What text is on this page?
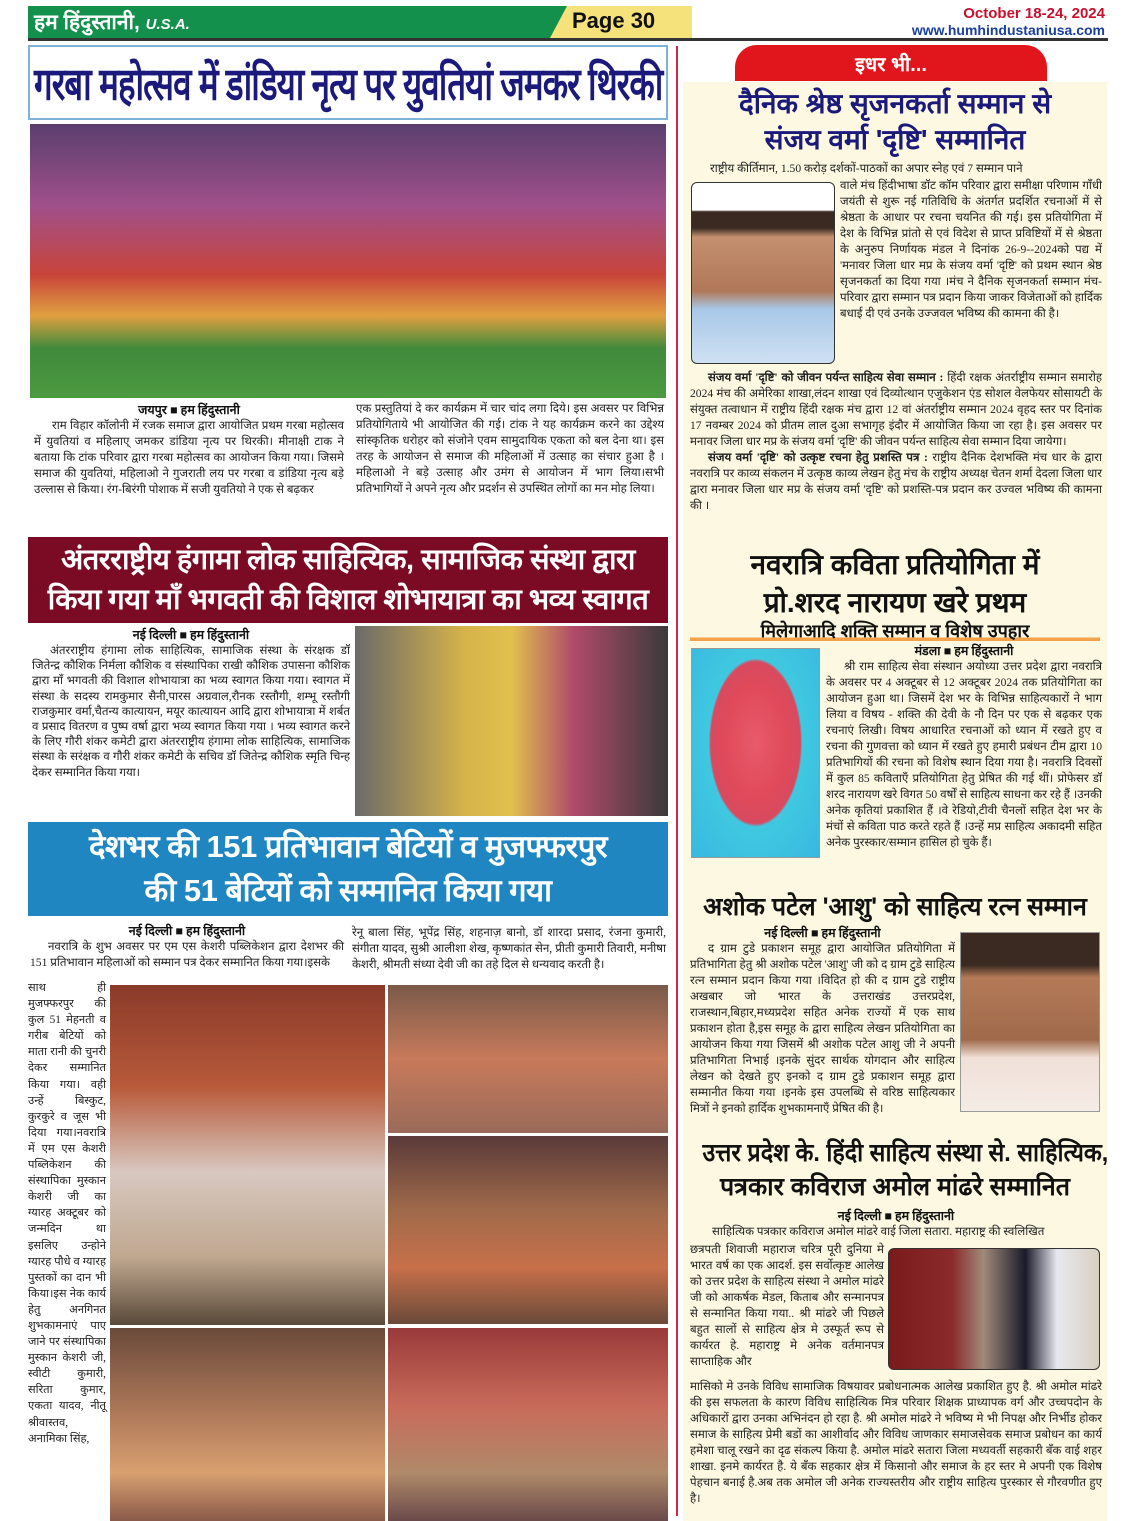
हम हिंदुस्तानी, U.S.A.	Page 30	October 18-24, 2024
www.humhindustaniusa.com
गरबा महोत्सव में डांडिया नृत्य पर युवतियां जमकर थिरकी
जयपुर ■ हम हिंदुस्तानी

राम विहार कॉलोनी में रजक समाज द्वारा आयोजित प्रथम गरबा महोत्सव में युवतियां व महिलाए् जमकर डांडिया नृत्य पर थिरकी। मीनाक्षी टाक ने बताया कि टांक परिवार द्वारा गरबा महोत्सव का आयोजन किया गया। जिसमे समाज की युवतियां, महिलाओ ने गुजराती लय पर गरबा व डांडिया नृत्य बड़े उल्लास से किया। रंग-बिरंगी पोशाक में सजी युवतियो ने एक से बढ़कर

एक प्रस्तुतियां दे कर कार्यक्रम में चार चांद लगा दिये। इस अवसर पर विभिन्न प्रतियोगिताये भी आयोजित की गई। टांक ने यह कार्यक्रम करने का उद्देश्य सांस्कृतिक धरोहर को संजोने एवम सामुदायिक एकता को बल देना था। इस तरह के आयोजन से समाज की महिलाओं में उत्साह का संचार हुआ है । महिलाओ ने बड़े उत्साह और उमंग से आयोजन में भाग लिया।सभी प्रतिभागियों ने अपने नृत्य और प्रदर्शन से उपस्थित लोगों का मन मोह लिया।
अंतरराष्ट्रीय हंगामा लोक साहित्यिक, सामाजिक संस्था द्वारा
किया गया माँ भगवती की विशाल शोभायात्रा का भव्य स्वागत
नई दिल्ली ■ हम हिंदुस्तानी

अंतरराष्ट्रीय हंगामा लोक साहित्यिक, सामाजिक संस्था के संरक्षक डॉ जितेन्द्र कौशिक निर्मला कौशिक व संस्थापिका राखी कौशिक उपासना कौशिक द्वारा माँ भगवती की विशाल शोभायात्रा का भव्य स्वागत किया गया। स्वागत में संस्था के सदस्य रामकुमार सैनी,पारस अग्रवाल,रौनक रस्तौगी, शम्भू रस्तौगी राजकुमार वर्मा,चैतन्य कात्यायन, मयूर कात्यायन आदि द्वारा शोभायात्रा में शर्बत व प्रसाद वितरण व पुष्प वर्षा द्वारा भव्य स्वागत किया गया । भव्य स्वागत करने के लिए गौरी शंकर कमेटी द्वारा अंतरराष्ट्रीय हंगामा लोक साहित्यिक, सामाजिक संस्था के सरंक्षक व गौरी शंकर कमेटी के सचिव डॉ जितेन्द्र कौशिक स्मृति चिन्ह देकर सम्मानित किया गया।

देशभर की 151 प्रतिभावान बेटियों व मुजफ्फरपुर
की 51 बेटियों को सम्मानित किया गया
नई दिल्ली ■ हम हिंदुस्तानी

नवरात्रि के शुभ अवसर पर एम एस केशरी पब्लिकेशन द्वारा देशभर की 151 प्रतिभावान महिलाओं को सम्मान पत्र देकर सम्मानित किया गया।इसके

रेनू बाला सिंह, भूपेंद्र सिंह, शहनाज़ बानो, डॉ शारदा प्रसाद, रंजना कुमारी, संगीता यादव, सुश्री आलीशा शेख, कृष्णकांत सेन, प्रीती कुमारी तिवारी, मनीषा केशरी, श्रीमती संध्या देवी जी का तहे दिल से धन्यवाद करती है।
साथ ही मुजफ्फरपुर की कुल 51 मेहनती व गरीब बेटियों को माता रानी की चुनरी देकर सम्मानित किया गया। वही उन्हें बिस्कुट, कुरकुरे व जूस भी दिया गया।नवरात्रि में एम एस केशरी पब्लिकेशन की संस्थापिका मुस्कान केशरी जी का ग्यारह अक्टूबर को जन्मदिन था इसलिए उन्होने ग्यारह पौधे व ग्यारह पुस्तकों का दान भी किया।इस नेक कार्य हेतु अनगिनत शुभकामनाएं पाए जाने पर संस्थापिका मुस्कान केशरी जी, स्वीटी कुमारी, सरिता कुमार, एकता यादव, नीतू श्रीवास्तव, अनामिका सिंह,
इधर भी...
दैनिक श्रेष्ठ सृजनकर्ता सम्मान से संजय वर्मा 'दृष्टि' सम्मानित
राष्ट्रीय कीर्तिमान, 1.50 करोड़ दर्शकों-पाठकों का अपार स्नेह एवं 7 सम्मान पाने
वाले मंच हिंदीभाषा डॉट कॉम परिवार द्वारा समीक्षा परिणाम गाँधी जयंती से शुरू नई गतिविधि के अंतर्गत प्रदर्शित रचनाओं में से श्रेष्ठता के आधार पर रचना चयनित की गई। इस प्रतियोगिता में देश के विभिन्न प्रांतो से एवं विदेश से प्राप्त प्रविष्टियों में से श्रेष्ठता के अनुरुप निर्णायक मंडल ने दिनांक 26-9--2024को पद्य में 'मनावर जिला धार मप्र के संजय वर्मा 'दृष्टि' को प्रथम स्थान श्रेष्ठ सृजनकर्ता का दिया गया ।मंच ने दैनिक सृजनकर्ता सम्मान मंच-परिवार द्वारा सम्मान पत्र प्रदान किया जाकर विजेताओं को हार्दिक बधाई दी एवं उनके उज्जवल भविष्य की कामना की है।

संजय वर्मा 'दृष्टि' को जीवन पर्यन्त साहित्य सेवा सम्मान : हिंदी रक्षक अंतर्राष्ट्रीय सम्मान समारोह 2024 मंच की अमेरिका शाखा,लंदन शाखा एवं दिव्योत्थान एजुकेशन एंड सोशल वेलफेयर सोसायटी के संयुक्त तत्वाधान में राष्ट्रीय हिंदी रक्षक मंच द्वारा 12 वां अंतर्राष्ट्रीय सम्मान 2024 वृहद स्तर पर दिनांक 17 नवम्बर 2024 को प्रीतम लाल दुआ सभागृह इंदौर में आयोजित किया जा रहा है। इस अवसर पर मनावर जिला धार मप्र के संजय वर्मा 'दृष्टि' की जीवन पर्यन्त साहित्य सेवा सम्मान दिया जायेगा।

संजय वर्मा 'दृष्टि' को उत्कृष्ट रचना हेतु प्रशस्ति पत्र : राष्ट्रीय दैनिक देशभक्ति मंच धार के द्वारा नवरात्रि पर काव्य संकलन में उत्कृष्ठ काव्य लेखन हेतु मंच के राष्ट्रीय अध्यक्ष चेतन शर्मा देदला जिला धार द्वारा मनावर जिला धार मप्र के संजय वर्मा 'दृष्टि' को प्रशस्ति-पत्र प्रदान कर उज्वल भविष्य की कामना की ।

नवरात्रि कविता प्रतियोगिता में प्रो.शरद नारायण खरे प्रथम
मिलेगाआदि शक्ति सम्मान व विशेष उपहार
मंडला ■ हम हिंदुस्तानी

श्री राम साहित्य सेवा संस्थान अयोध्या उत्तर प्रदेश द्वारा नवरात्रि के अवसर पर 4 अक्टूबर से 12 अक्टूबर 2024 तक प्रतियोगिता का आयोजन हुआ था। जिसमें देश भर के विभिन्न साहित्यकारों ने भाग लिया व विषय - शक्ति की देवी के नौ दिन पर एक से बढ़कर एक रचनाएं लिखी। विषय आधारित रचनाओं को ध्यान में रखते हुए व रचना की गुणवत्ता को ध्यान में रखते हुए हमारी प्रबंधन टीम द्वारा 10 प्रतिभागियों की रचना को विशेष स्थान दिया गया है। नवरात्रि दिवसों में कुल 85 कविताएँ प्रतियोगिता हेतु प्रेषित की गई थीं। प्रोफेसर डॉ शरद नारायण खरे विगत 50 वर्षों से साहित्य साधना कर रहे हैं ।उनकी अनेक कृतियां प्रकाशित हैं ।वे रेडियो,टीवी चैनलों सहित देश भर के मंचों से कविता पाठ करते रहते हैं ।उन्हें मप्र साहित्य अकादमी सहित अनेक पुरस्कार/सम्मान हासिल हो चुके हैं।

अशोक पटेल 'आशु' को साहित्य रत्न सम्मान
नई दिल्ली ■ हम हिंदुस्तानी

द ग्राम टुडे प्रकाशन समूह द्वारा आयोजित प्रतियोगिता में प्रतिभागिता हेतु श्री अशोक पटेल 'आशु' जी को द ग्राम टुडे साहित्य रत्न सम्मान प्रदान किया गया ।विदित हो की द ग्राम टुडे राष्ट्रीय अखबार जो भारत के उत्तराखंड उत्तरप्रदेश, राजस्थान,बिहार,मध्यप्रदेश सहित अनेक राज्यों में एक साथ प्रकाशन होता है,इस समूह के द्वारा साहित्य लेखन प्रतियोगिता का आयोजन किया गया जिसमें श्री अशोक पटेल आशु जी ने अपनी प्रतिभागिता निभाई ।इनके सुंदर सार्थक योगदान और साहित्य लेखन को देखते हुए इनको द ग्राम टुडे प्रकाशन समूह द्वारा सम्मानीत किया गया ।इनके इस उपलब्धि से वरिष्ठ साहित्यकार मित्रों ने इनको हार्दिक शुभकामनाएँ प्रेषित की है।

उत्तर प्रदेश के. हिंदी साहित्य संस्था से. साहित्यिक, पत्रकार कविराज अमोल मांढरे सम्मानित
नई दिल्ली ■ हम हिंदुस्तानी
साहित्यिक पत्रकार कविराज अमोल मांढरे वाई जिला सतारा. महाराष्ट्र की स्वलिखित
छत्रपती शिवाजी महाराज चरित्र पूरी दुनिया मे भारत वर्ष का एक आदर्श. इस सर्वोत्कृष्ट आलेख को उत्तर प्रदेश के साहित्य संस्था ने अमोल मांढरे जी को आकर्षक मेडल, किताब और सन्मानपत्र से सन्मानित किया गया.. श्री मांढरे जी पिछले बहुत सालों से साहित्य क्षेत्र मे उस्फूर्त रूप से कार्यरत हे. महाराष्ट्र मे अनेक वर्तमानपत्र साप्ताहिक और
मासिको मे उनके विविध सामाजिक विषयावर प्रबोधनात्मक आलेख प्रकाशित हुए है. श्री अमोल मांढरे की इस सफलता के कारण विविध साहित्यिक मित्र परिवार शिक्षक प्राध्यापक वर्ग और उच्चपदोन के अधिकारों द्वारा उनका अभिनंदन हो रहा है. श्री अमोल मांढरे ने भविष्य मे भी निपक्ष और निर्भीड होकर समाज के साहित्य प्रेमी बडों का आशीर्वाद और विविध जाणकार समाजसेवक समाज प्रबोधन का कार्य हमेशा चालू रखने का दृढ संकल्प किया है. अमोल मांढरे सतारा जिला मध्यवर्ती सहकारी बँक वाई शहर शाखा. इनमे कार्यरत है. ये बँक सहकार क्षेत्र में किसानो और समाज के हर स्तर मे अपनी एक विशेष पेहचान बनाई है.अब तक अमोल जी अनेक राज्यस्तरीय और राष्ट्रीय साहित्य पुरस्कार से गौरवणीत हुए है।
